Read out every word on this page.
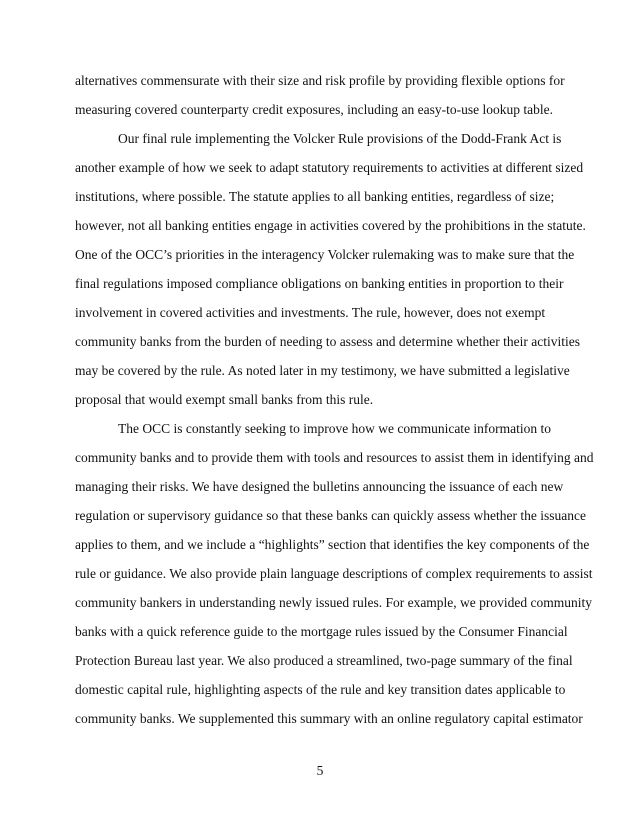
alternatives commensurate with their size and risk profile by providing flexible options for
measuring covered counterparty credit exposures, including an easy-to-use lookup table.
Our final rule implementing the Volcker Rule provisions of the Dodd-Frank Act is
another example of how we seek to adapt statutory requirements to activities at different sized
institutions, where possible. The statute applies to all banking entities, regardless of size;
however, not all banking entities engage in activities covered by the prohibitions in the statute.
One of the OCC’s priorities in the interagency Volcker rulemaking was to make sure that the
final regulations imposed compliance obligations on banking entities in proportion to their
involvement in covered activities and investments. The rule, however, does not exempt
community banks from the burden of needing to assess and determine whether their activities
may be covered by the rule. As noted later in my testimony, we have submitted a legislative
proposal that would exempt small banks from this rule.
The OCC is constantly seeking to improve how we communicate information to
community banks and to provide them with tools and resources to assist them in identifying and
managing their risks. We have designed the bulletins announcing the issuance of each new
regulation or supervisory guidance so that these banks can quickly assess whether the issuance
applies to them, and we include a “highlights” section that identifies the key components of the
rule or guidance. We also provide plain language descriptions of complex requirements to assist
community bankers in understanding newly issued rules. For example, we provided community
banks with a quick reference guide to the mortgage rules issued by the Consumer Financial
Protection Bureau last year. We also produced a streamlined, two-page summary of the final
domestic capital rule, highlighting aspects of the rule and key transition dates applicable to
community banks. We supplemented this summary with an online regulatory capital estimator
5
